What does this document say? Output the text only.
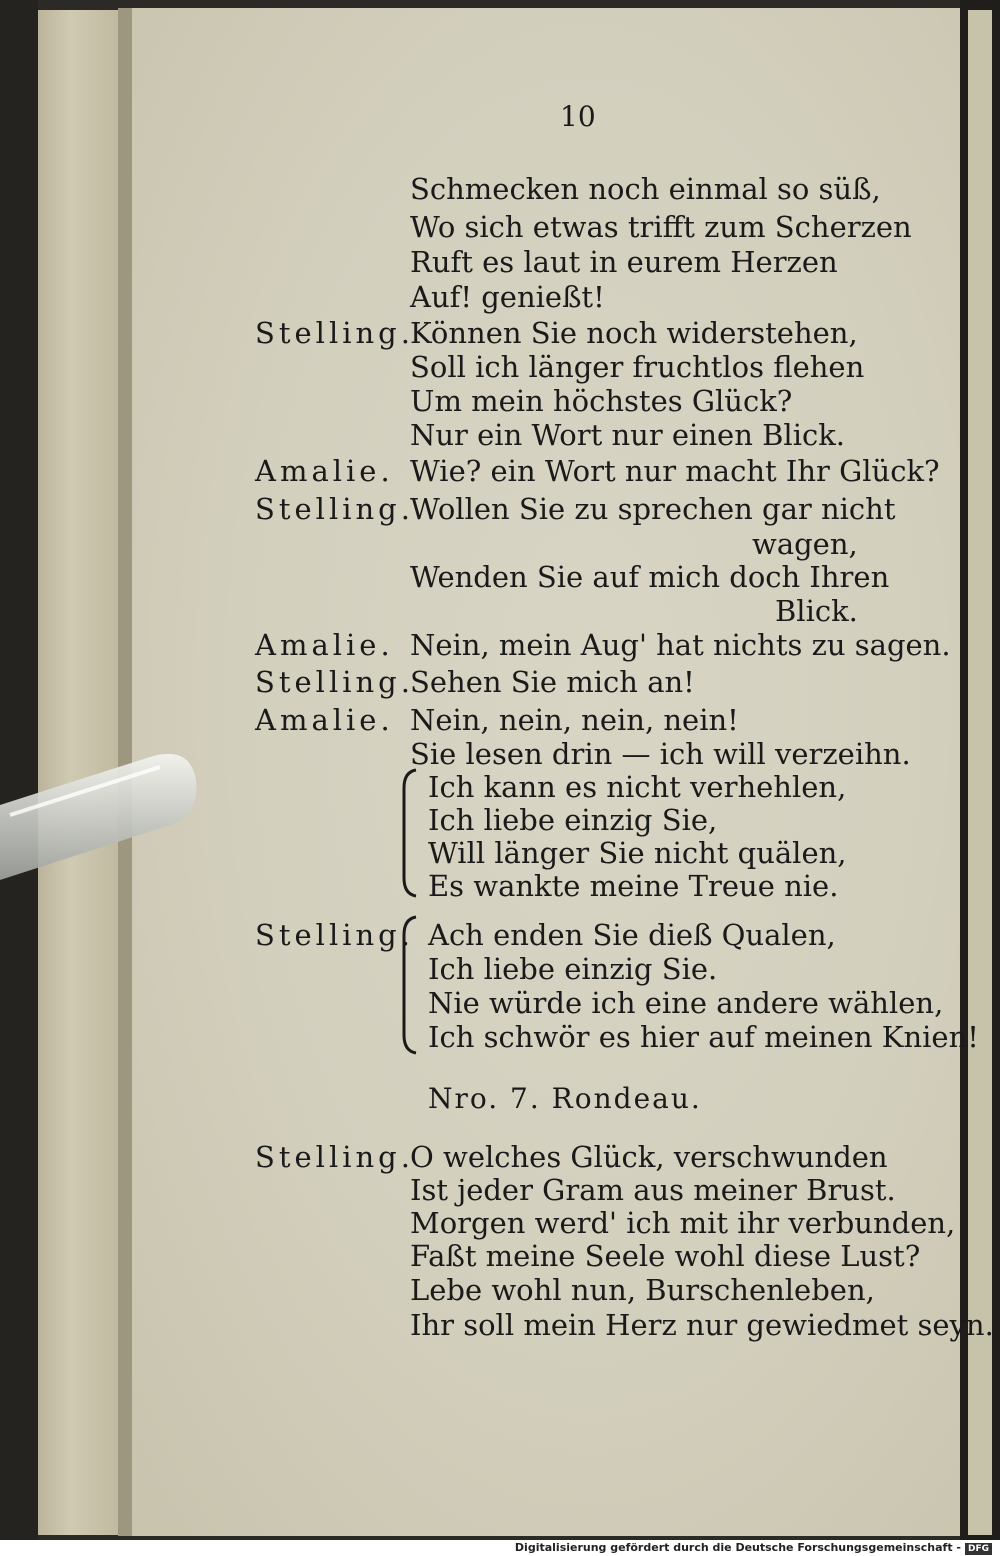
10
Schmecken noch einmal so süß,
Wo sich etwas trifft zum Scherzen
Ruft es laut in eurem Herzen
Auf! genießt!
Stelling.
Können Sie noch widerstehen,
Soll ich länger fruchtlos flehen
Um mein höchstes Glück?
Nur ein Wort nur einen Blick.
Amalie. Wie? ein Wort nur macht Ihr Glück?
Stelling.
Wollen Sie zu sprechen gar nicht
wagen,
Wenden Sie auf mich doch Ihren
Blick.
Amalie. Nein, mein Aug' hat nichts zu sagen.
Stelling.
Sehen Sie mich an!
Amalie. Nein, nein, nein, nein!
Sie lesen drin — ich will verzeihn.
Ich kann es nicht verhehlen,
Ich liebe einzig Sie,
Will länger Sie nicht quälen,
Es wankte meine Treue nie.
Stelling. Ach enden Sie dieß Qualen,
Ich liebe einzig Sie.
Nie würde ich eine andere wählen,
Ich schwör es hier auf meinen Knien!
Nro. 7. Rondeau.
Stelling.
O welches Glück, verschwunden
Ist jeder Gram aus meiner Brust.
Morgen werd' ich mit ihr verbunden,
Faßt meine Seele wohl diese Lust?
Lebe wohl nun, Burschenleben,
Ihr soll mein Herz nur gewiedmet seyn.
Digitalisierung gefördert durch die Deutsche Forschungsgemeinschaft - DFG
